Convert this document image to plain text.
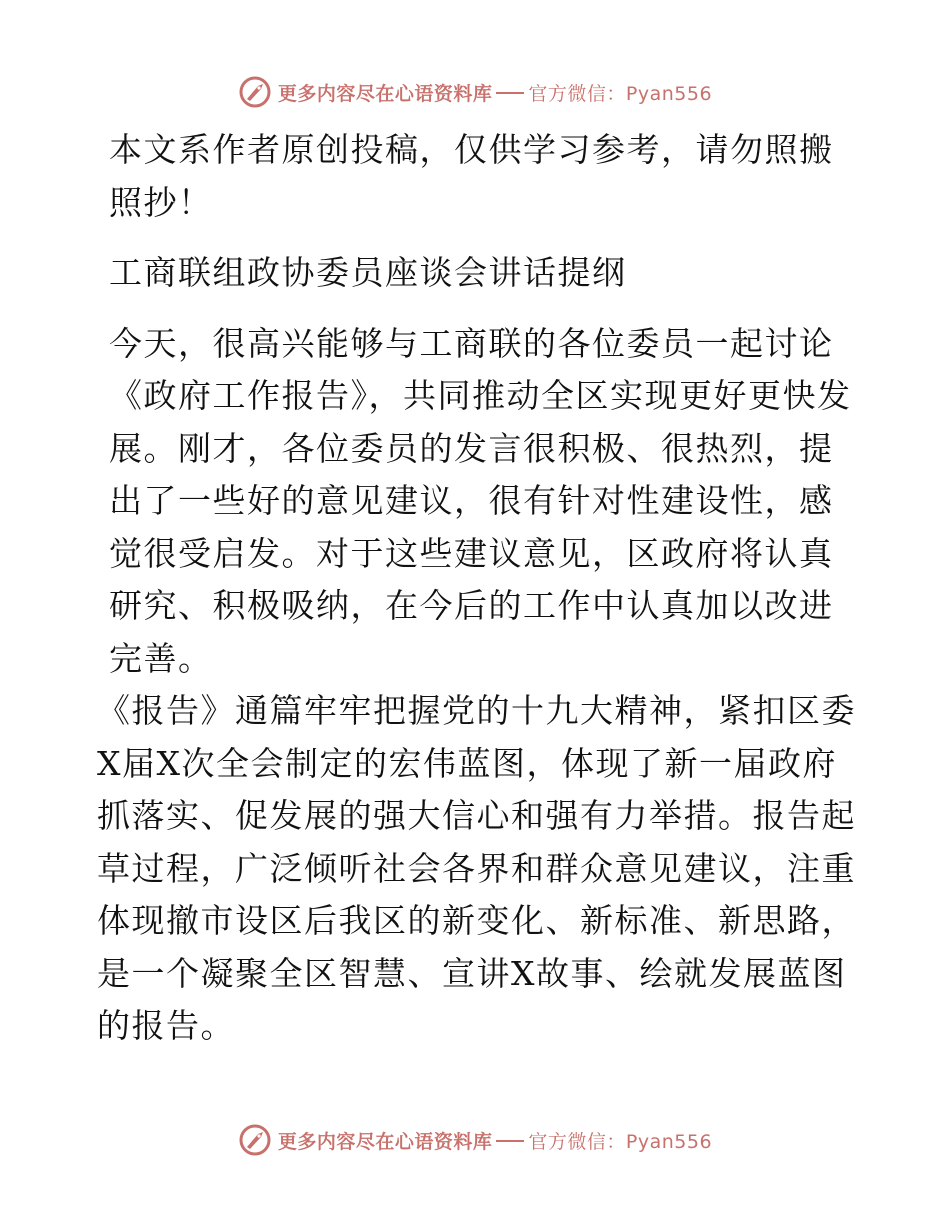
更多内容尽在心语资料库 官方微信：Pyan556

本文系作者原创投稿，仅供学习参考，请勿照搬照抄！

工商联组政协委员座谈会讲话提纲

今天，很高兴能够与工商联的各位委员一起讨论《政府工作报告》，共同推动全区实现更好更快发展。刚才，各位委员的发言很积极、很热烈，提出了一些好的意见建议，很有针对性建设性，感觉很受启发。对于这些建议意见，区政府将认真研究、积极吸纳，在今后的工作中认真加以改进完善。

《报告》通篇牢牢把握党的十九大精神，紧扣区委X届X次全会制定的宏伟蓝图，体现了新一届政府抓落实、促发展的强大信心和强有力举措。报告起草过程，广泛倾听社会各界和群众意见建议，注重体现撤市设区后我区的新变化、新标准、新思路，是一个凝聚全区智慧、宣讲X故事、绘就发展蓝图的报告。

更多内容尽在心语资料库 官方微信：Pyan556
